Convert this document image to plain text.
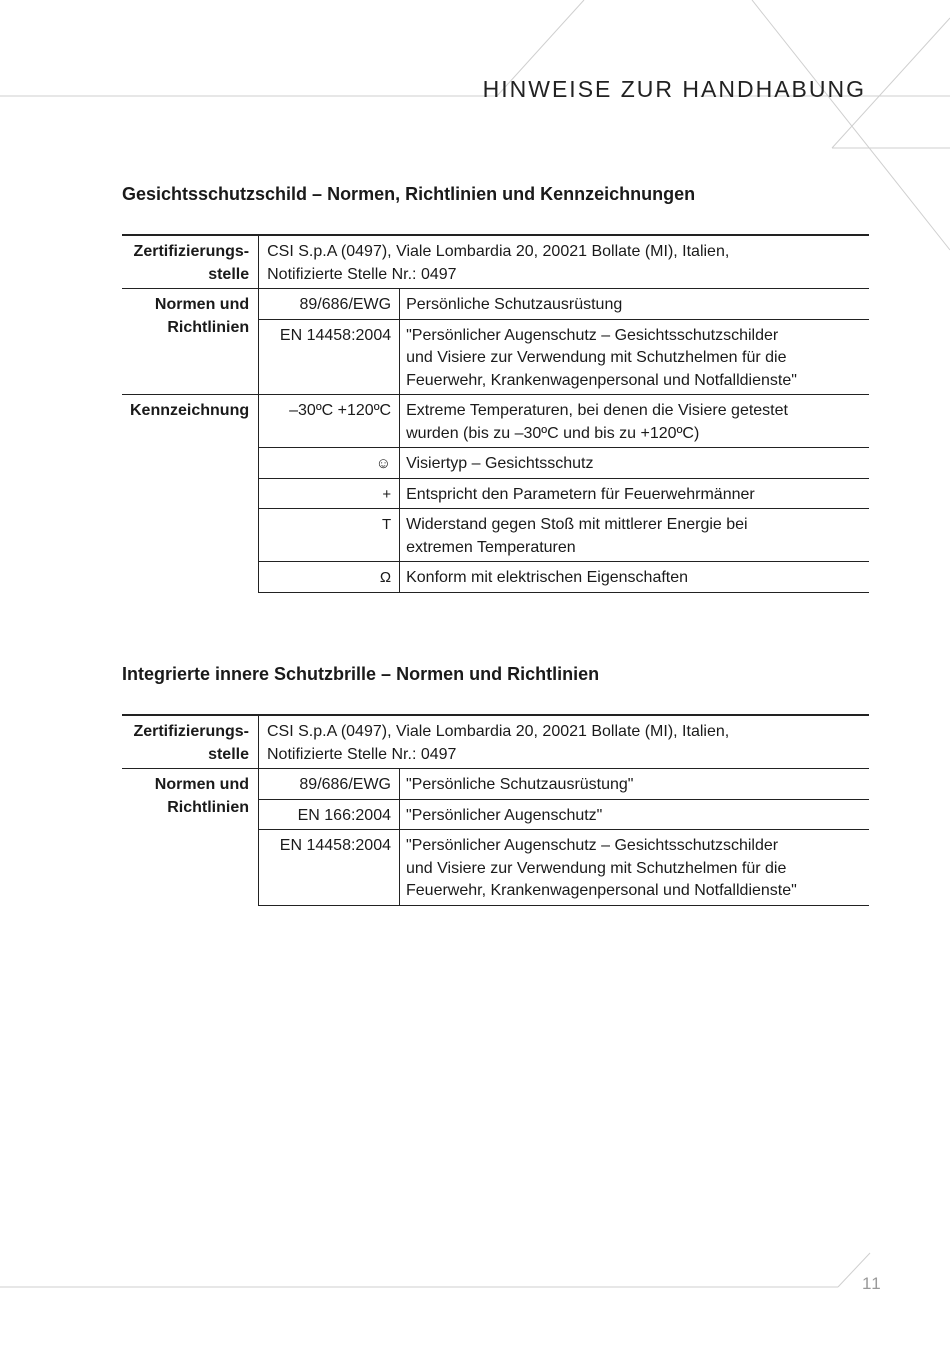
HINWEISE ZUR HANDHABUNG
Gesichtsschutzschild – Normen, Richtlinien und Kennzeichnungen
Zertifizierungs-
stelle	CSI S.p.A (0497), Viale Lombardia 20, 20021 Bollate (MI), Italien,
Notifizierte Stelle Nr.: 0497	
Normen und
Richtlinien	89/686/EWG	Persönliche Schutzausrüstung
	EN 14458:2004	"Persönlicher Augenschutz – Gesichtsschutzschilder
und Visiere zur Verwendung mit Schutzhelmen für die
Feuerwehr, Krankenwagenpersonal und Notfalldienste"
Kennzeichnung	–30ºC +120ºC	Extreme Temperaturen, bei denen die Visiere getestet
wurden (bis zu –30ºC und bis zu +120ºC)
	☺	Visiertyp – Gesichtsschutz
	+	Entspricht den Parametern für Feuerwehrmänner
	T	Widerstand gegen Stoß mit mittlerer Energie bei
extremen Temperaturen
	Ω	Konform mit elektrischen Eigenschaften
Integrierte innere Schutzbrille – Normen und Richtlinien
Zertifizierungs-
stelle	CSI S.p.A (0497), Viale Lombardia 20, 20021 Bollate (MI), Italien,
Notifizierte Stelle Nr.: 0497	
Normen und
Richtlinien	89/686/EWG	"Persönliche Schutzausrüstung"
	EN 166:2004	"Persönlicher Augenschutz"
	EN 14458:2004	"Persönlicher Augenschutz – Gesichtsschutzschilder
und Visiere zur Verwendung mit Schutzhelmen für die
Feuerwehr, Krankenwagenpersonal und Notfalldienste"
11
